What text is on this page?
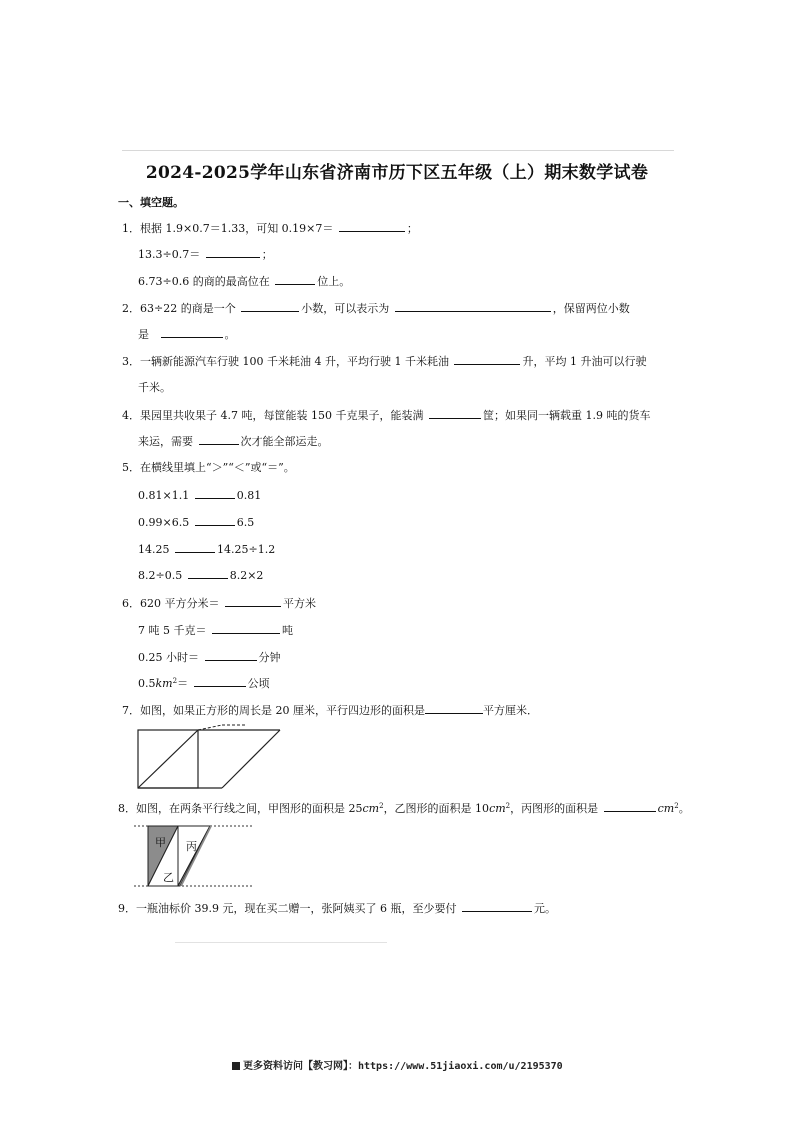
2024-2025学年山东省济南市历下区五年级（上）期末数学试卷
一、填空题。
1．根据 1.9×0.7＝1.33，可知 0.19×7＝	；
13.3÷0.7＝	；
6.73÷0.6 的商的最高位在	位上。
2．63÷22 的商是一个	小数，可以表示为	，保留两位小数
是	。
3．一辆新能源汽车行驶 100 千米耗油 4 升，平均行驶 1 千米耗油	升，平均 1 升油可以行驶
千米。
4．果园里共收果子 4.7 吨，每筐能装 150 千克果子，能装满	筐；如果同一辆载重 1.9 吨的货车
来运，需要	次才能全部运走。
5．在横线里填上“＞”“＜”或“＝”。
0.81×1.1	0.81
0.99×6.5	6.5
14.25	14.25÷1.2
8.2÷0.5	8.2×2
6．620 平方分米＝	平方米
7 吨 5 千克＝	吨
0.25 小时＝	分钟
$0.5km^2=$	公顷
7．如图，如果正方形的周长是 20 厘米，平行四边形的面积是	平方厘米．
8．如图，在两条平行线之间，甲图形的面积是 $25cm^2$，乙图形的面积是 $10cm^2$，丙图形的面积是	$cm^2$。
甲
乙
丙
9．一瓶油标价 39.9 元，现在买二赠一，张阿姨买了 6 瓶，至少要付	元。
更多资料访问【教习网】：https://www.51jiaoxi.com/u/2195370
